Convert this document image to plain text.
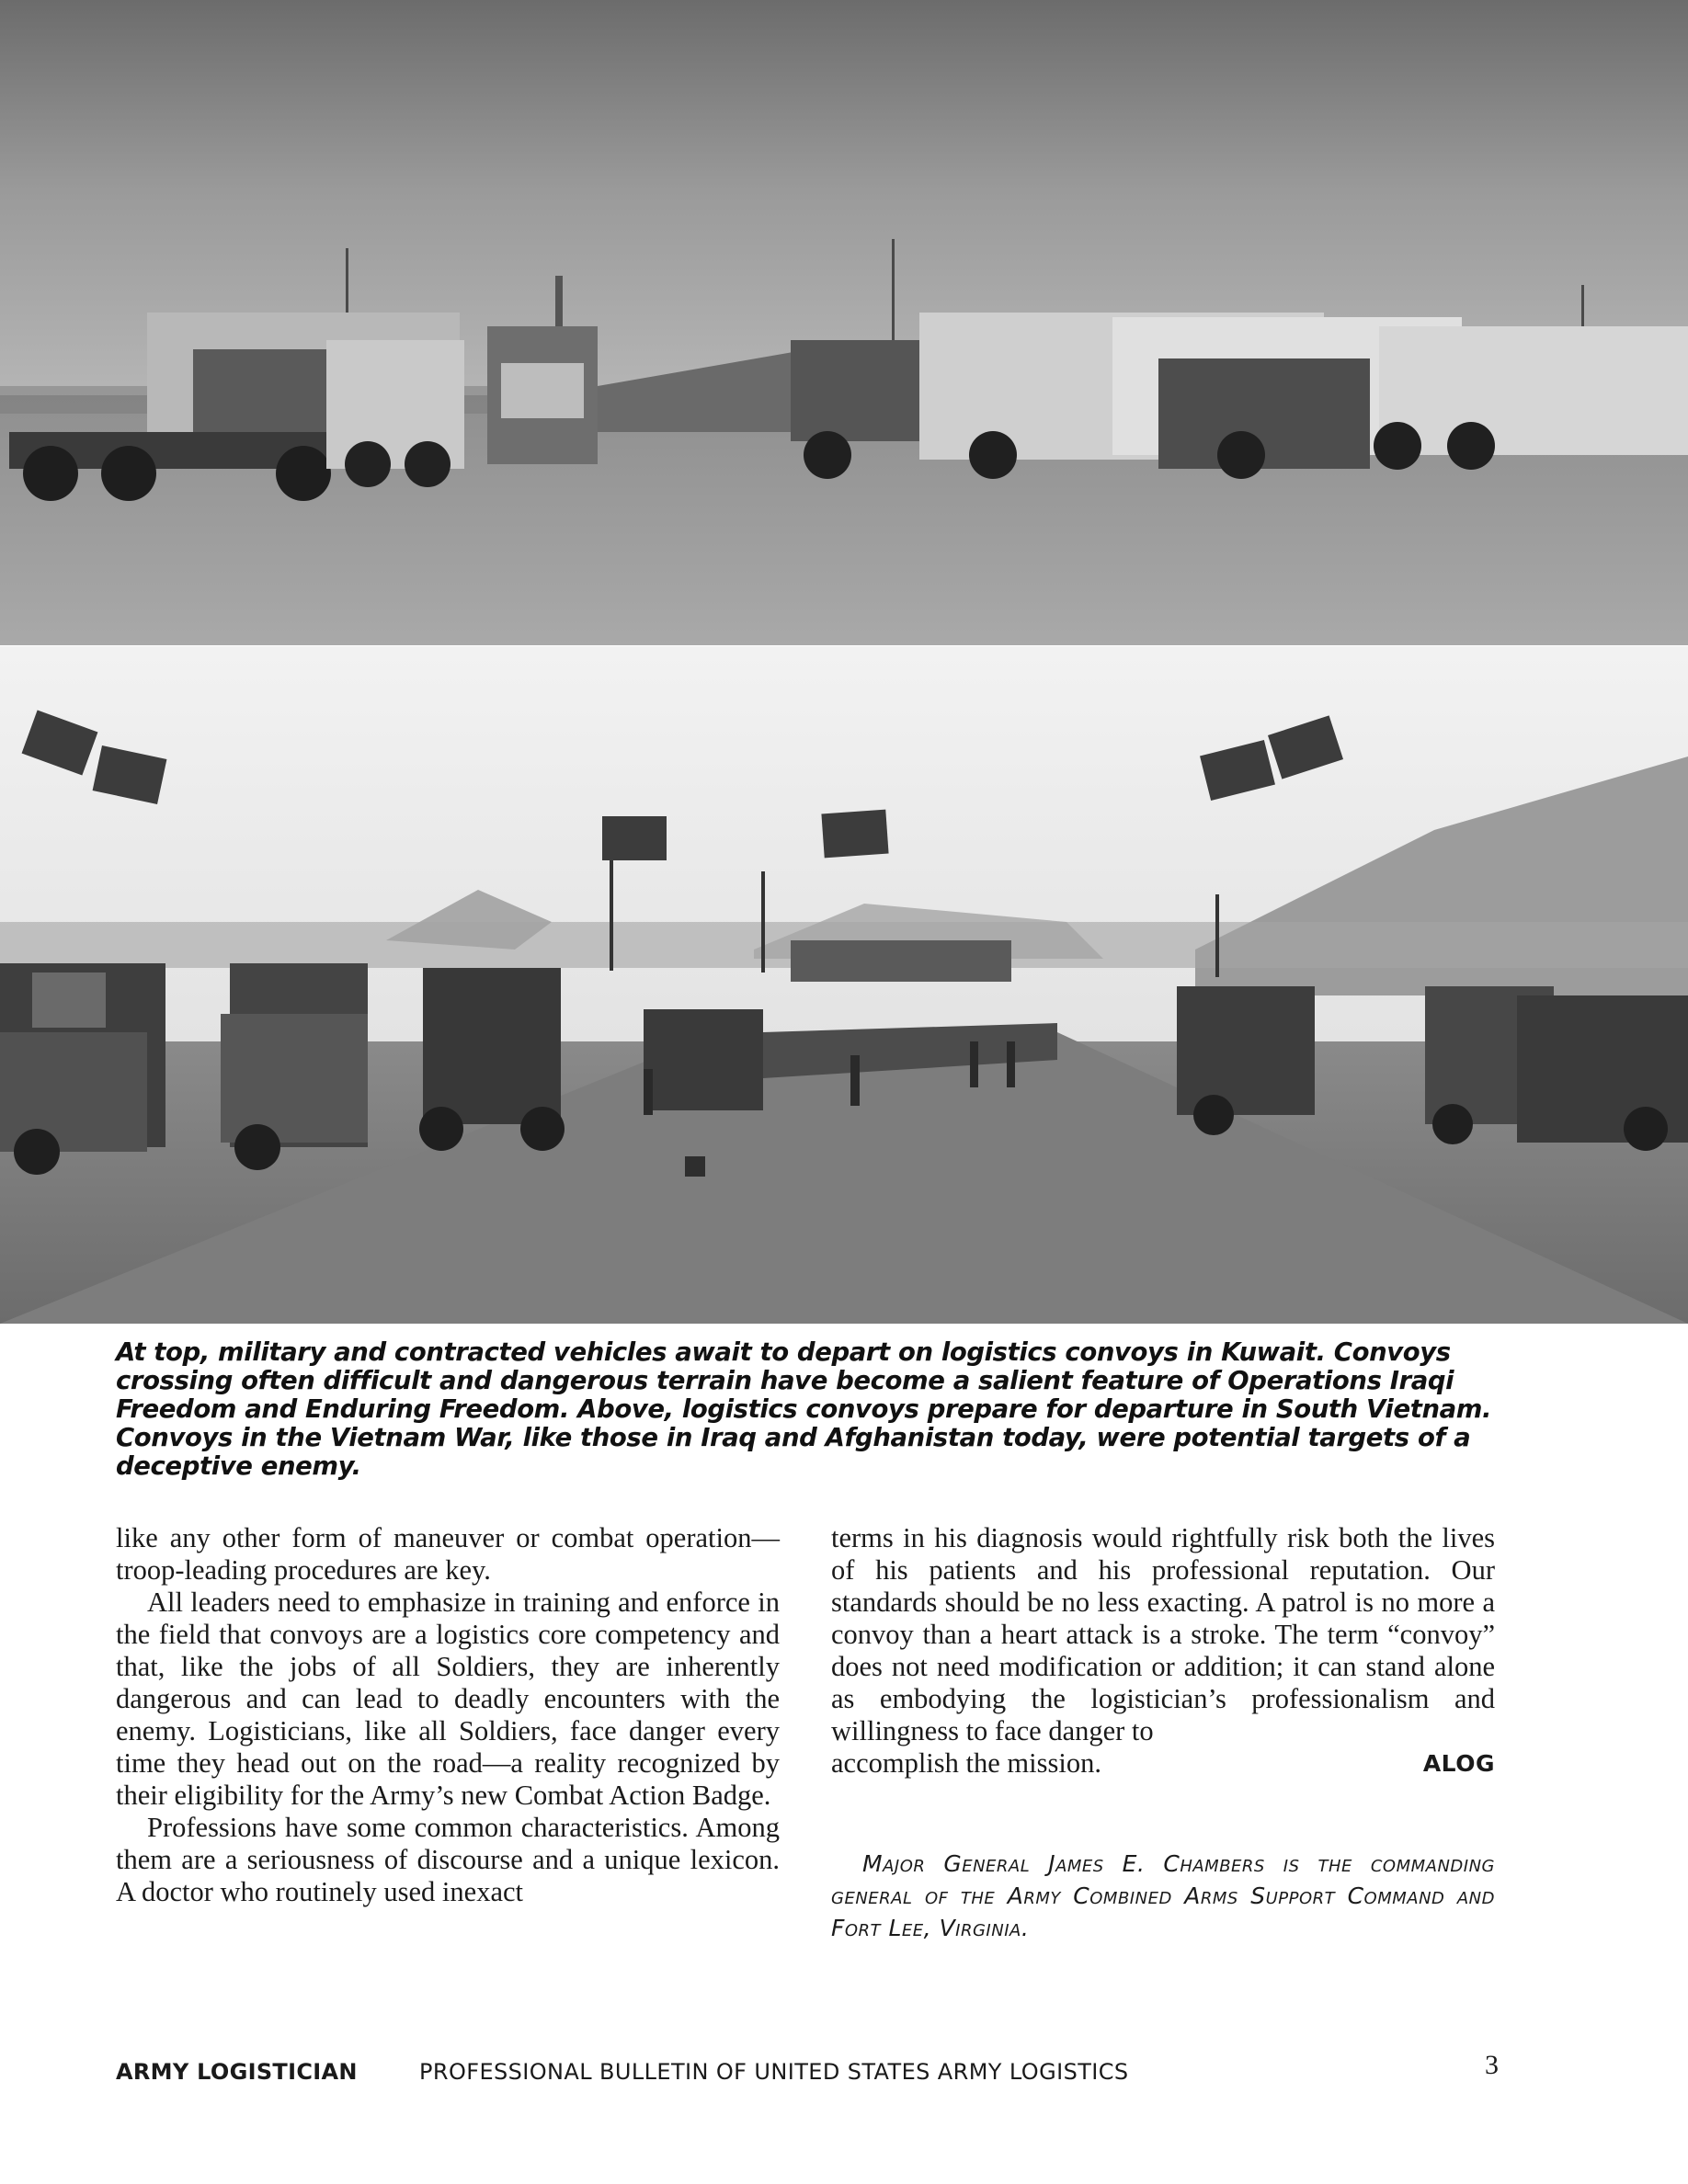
At top, military and contracted vehicles await to depart on logistics convoys in Kuwait. Convoys crossing often difficult and dangerous terrain have become a salient feature of Operations Iraqi Freedom and Enduring Freedom. Above, logistics convoys prepare for departure in South Vietnam. Convoys in the Vietnam War, like those in Iraq and Afghanistan today, were potential targets of a deceptive enemy.

like any other form of maneuver or combat operation—troop-leading procedures are key.

All leaders need to emphasize in training and enforce in the field that convoys are a logistics core competency and that, like the jobs of all Soldiers, they are inherently dangerous and can lead to deadly encounters with the enemy. Logisticians, like all Soldiers, face danger every time they head out on the road—a reality recognized by their eligibility for the Army’s new Combat Action Badge.

Professions have some common characteristics. Among them are a seriousness of discourse and a unique lexicon. A doctor who routinely used inexact

terms in his diagnosis would rightfully risk both the lives of his patients and his professional reputation. Our standards should be no less exacting. A patrol is no more a convoy than a heart attack is a stroke. The term “convoy” does not need modification or addition; it can stand alone as embodying the logistician’s professionalism and willingness to face danger to

accomplish the mission.	ALOG

Major General James E. Chambers is the commanding general of the Army Combined Arms Support Command and Fort Lee, Virginia.

ARMY LOGISTICIAN	PROFESSIONAL BULLETIN OF UNITED STATES ARMY LOGISTICS	3
